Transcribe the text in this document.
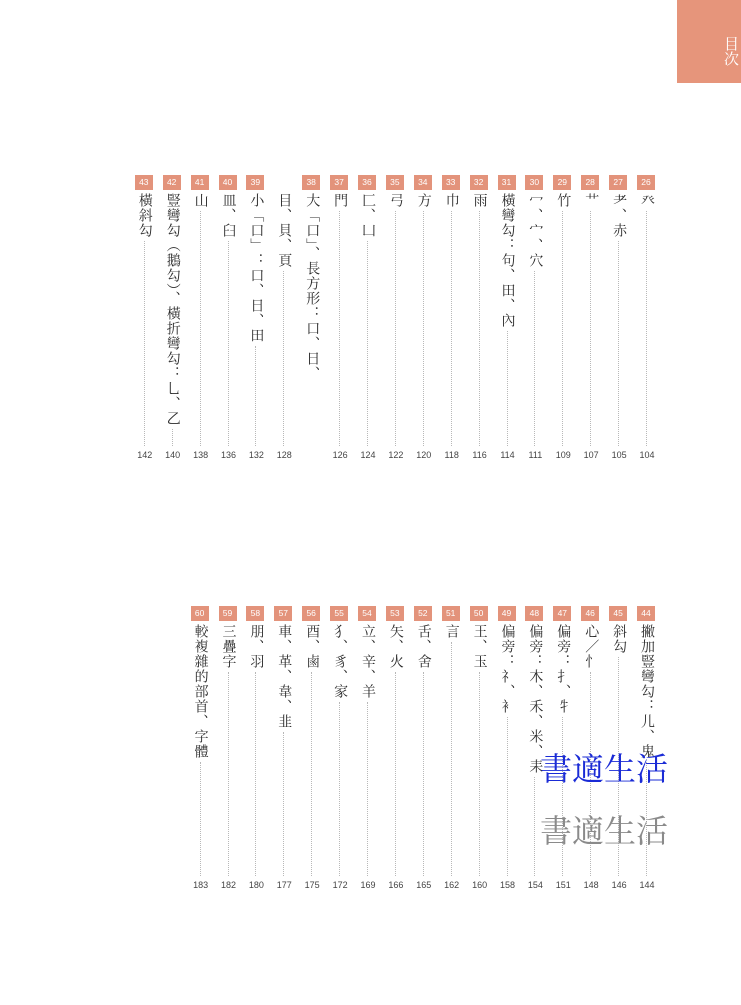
目次
26
癶
104
27
耂、赤
105
28
艹
107
29
竹
109
30
冖、宀、穴
111
31
橫彎勾：句、田、內
114
32
雨
116
33
巾
118
34
方
120
35
弓
122
36
匚、凵
124
37
門
126
38
大「口」、長方形：口、日、
目、貝、頁
128
39
小「口」：口、日、田
132
40
皿、臼
136
41
山
138
42
豎彎勾（鵝勾）、橫折彎勾：乚、乙
140
43
橫斜勾
142
44
撇加豎彎勾：儿、鬼
144
45
斜勾
146
46
心／忄
148
47
偏旁：扌、牜
151
48
偏旁：木、禾、米、耒
154
49
偏旁：礻、衤
158
50
王、玉
160
51
言
162
52
舌、舍
165
53
矢、火
166
54
立、辛、羊
169
55
犭、豸、家
172
56
酉、鹵
175
57
車、革、韋、韭
177
58
朋、羽
180
59
三疊字
182
60
較複雜的部首、字體
183
書適生活
書適生活
